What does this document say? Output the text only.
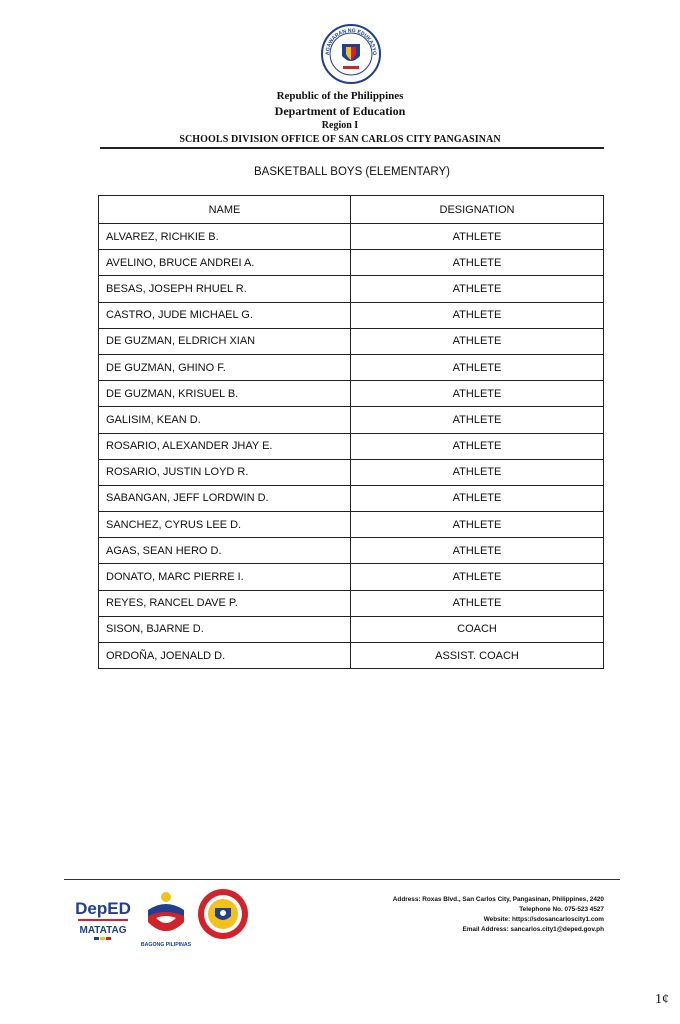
AGAWARAN NG EDUKASYO
Republic of the Philippines
Department of Education
Region I
SCHOOLS DIVISION OFFICE OF SAN CARLOS CITY PANGASINAN
BASKETBALL BOYS (ELEMENTARY)
NAME	DESIGNATION
ALVAREZ, RICHKIE B.	ATHLETE
AVELINO, BRUCE ANDREI A.	ATHLETE
BESAS, JOSEPH RHUEL R.	ATHLETE
CASTRO, JUDE MICHAEL G.	ATHLETE
DE GUZMAN, ELDRICH XIAN	ATHLETE
DE GUZMAN, GHINO F.	ATHLETE
DE GUZMAN, KRISUEL B.	ATHLETE
GALISIM, KEAN D.	ATHLETE
ROSARIO, ALEXANDER JHAY E.	ATHLETE
ROSARIO, JUSTIN LOYD R.	ATHLETE
SABANGAN, JEFF LORDWIN D.	ATHLETE
SANCHEZ, CYRUS LEE D.	ATHLETE
AGAS, SEAN HERO D.	ATHLETE
DONATO, MARC PIERRE I.	ATHLETE
REYES, RANCEL DAVE P.	ATHLETE
SISON, BJARNE D.	COACH
ORDOÑA, JOENALD D.	ASSIST. COACH
DepED
MATATAG
BAGONG PILIPINAS
Address: Roxas Blvd., San Carlos City, Pangasinan, Philippines, 2420
Telephone No. 075-523 4527
Website: https://sdosancarloscity1.com
Email Address: sancarlos.city1@deped.gov.ph
1¢
